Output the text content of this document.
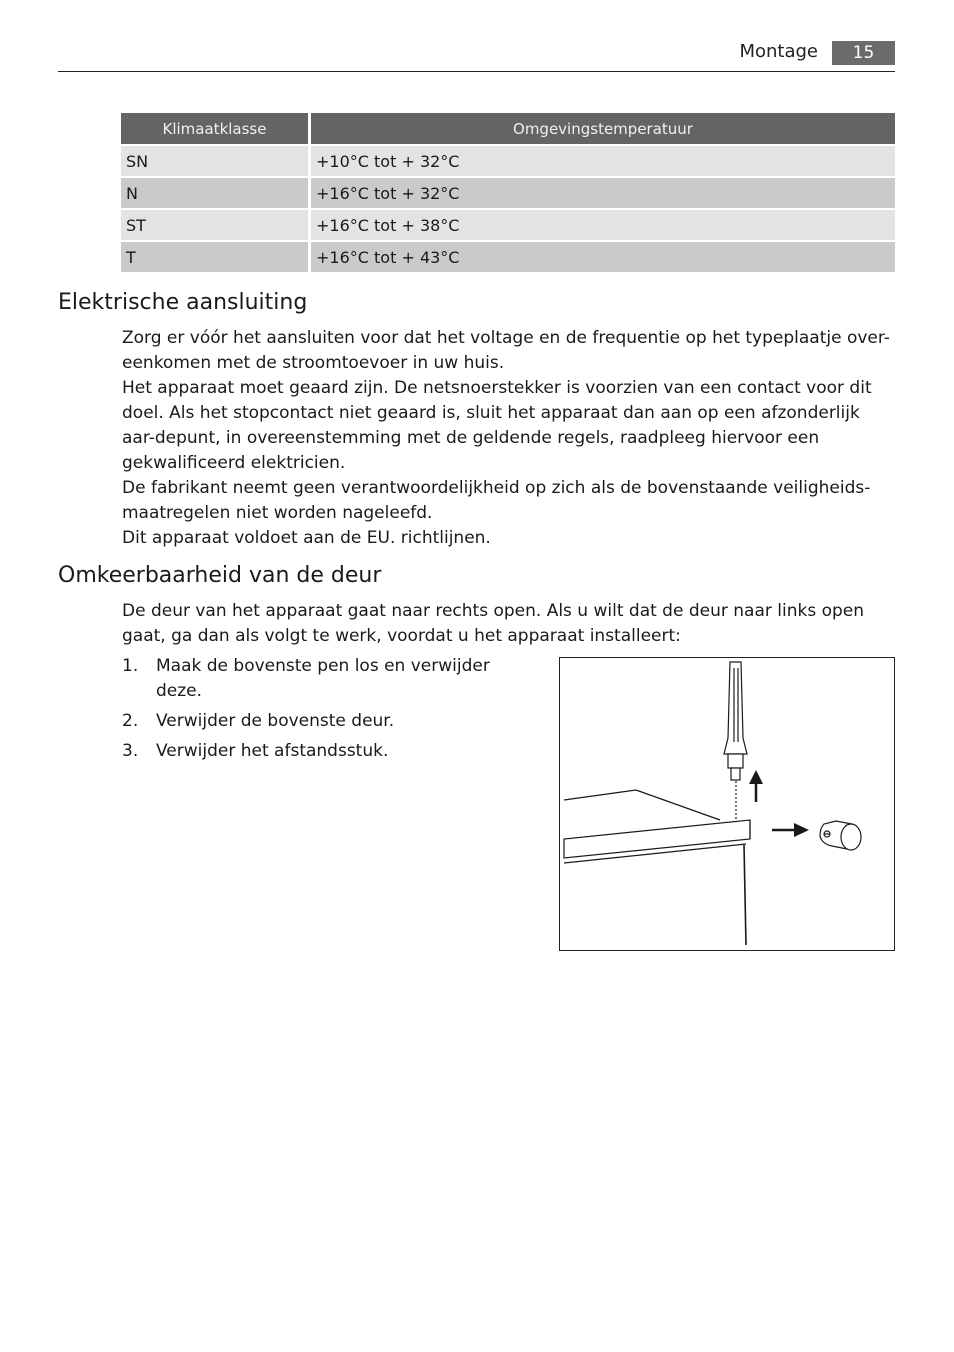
Montage	15
Klimaatklasse	Omgevingstemperatuur
SN	+10°C tot + 32°C
N	+16°C tot + 32°C
ST	+16°C tot + 38°C
T	+16°C tot + 43°C
Elektrische aansluiting

Zorg er vóór het aansluiten voor dat het voltage en de frequentie op het typeplaatje over-eenkomen met de stroomtoevoer in uw huis.

Het apparaat moet geaard zijn. De netsnoerstekker is voorzien van een contact voor dit doel. Als het stopcontact niet geaard is, sluit het apparaat dan aan op een afzonderlijk aar-depunt, in overeenstemming met de geldende regels, raadpleeg hiervoor een gekwalificeerd elektricien.

De fabrikant neemt geen verantwoordelijkheid op zich als de bovenstaande veiligheids-maatregelen niet worden nageleefd.

Dit apparaat voldoet aan de EU. richtlijnen.

Omkeerbaarheid van de deur

De deur van het apparaat gaat naar rechts open. Als u wilt dat de deur naar links open gaat, ga dan als volgt te werk, voordat u het apparaat installeert:

1. Maak de bovenste pen los en verwijder deze.
2. Verwijder de bovenste deur.
3. Verwijder het afstandsstuk.
